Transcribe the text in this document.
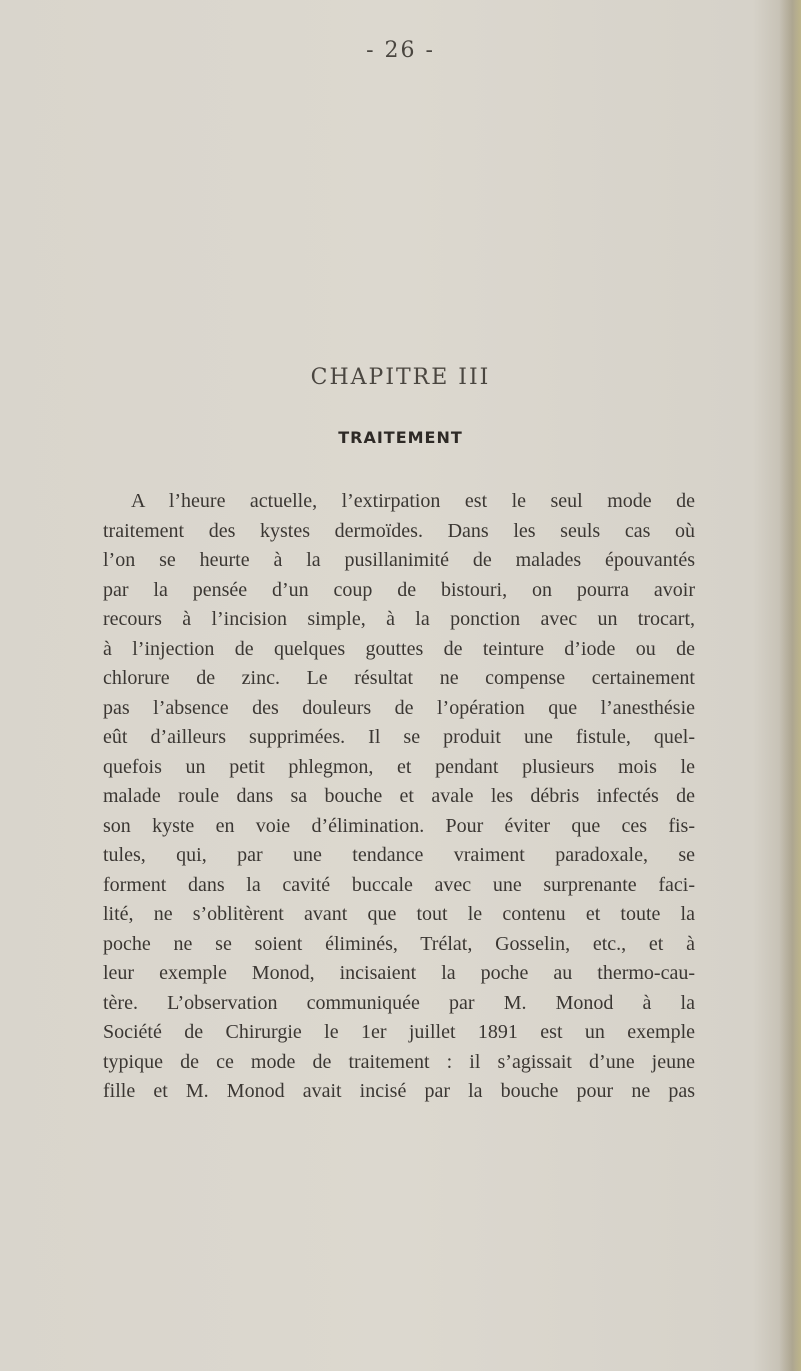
- 26 -
CHAPITRE III
TRAITEMENT
A l’heure actuelle, l’extirpation est le seul mode de
traitement des kystes dermoïdes. Dans les seuls cas où
l’on se heurte à la pusillanimité de malades épouvantés
par la pensée d’un coup de bistouri, on pourra avoir
recours à l’incision simple, à la ponction avec un trocart,
à l’injection de quelques gouttes de teinture d’iode ou de
chlorure de zinc. Le résultat ne compense certainement
pas l’absence des douleurs de l’opération que l’anesthésie
eût d’ailleurs supprimées. Il se produit une fistule, quel-
quefois un petit phlegmon, et pendant plusieurs mois le
malade roule dans sa bouche et avale les débris infectés de
son kyste en voie d’élimination. Pour éviter que ces fis-
tules, qui, par une tendance vraiment paradoxale, se
forment dans la cavité buccale avec une surprenante faci-
lité, ne s’oblitèrent avant que tout le contenu et toute la
poche ne se soient éliminés, Trélat, Gosselin, etc., et à
leur exemple Monod, incisaient la poche au thermo-cau-
tère. L’observation communiquée par M. Monod à la
Société de Chirurgie le 1er juillet 1891 est un exemple
typique de ce mode de traitement : il s’agissait d’une jeune
fille et M. Monod avait incisé par la bouche pour ne pas
